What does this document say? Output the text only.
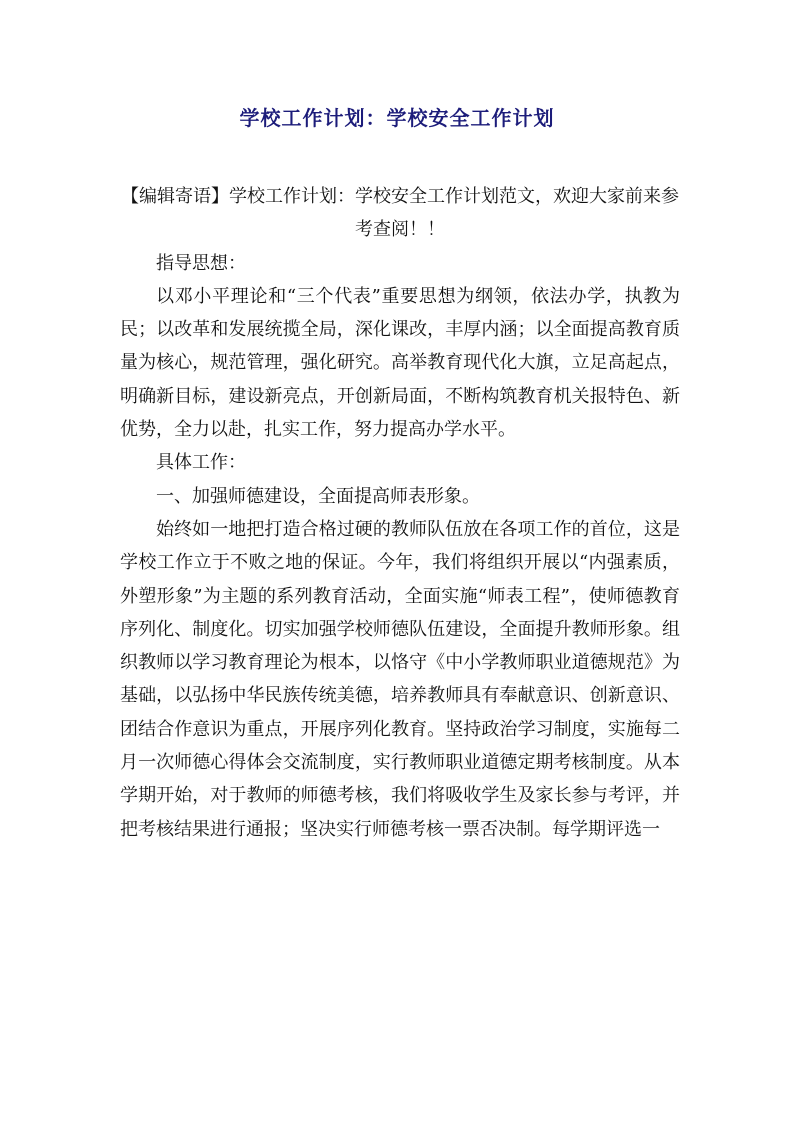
学校工作计划：学校安全工作计划

【编辑寄语】学校工作计划：学校安全工作计划范文，欢迎大家前来参考查阅！！

指导思想：

以邓小平理论和“三个代表”重要思想为纲领，依法办学，执教为民；以改革和发展统揽全局，深化课改，丰厚内涵；以全面提高教育质量为核心，规范管理，强化研究。高举教育现代化大旗，立足高起点，明确新目标，建设新亮点，开创新局面，不断构筑教育机关报特色、新优势，全力以赴，扎实工作，努力提高办学水平。

具体工作：

一、加强师德建设，全面提高师表形象。

始终如一地把打造合格过硬的教师队伍放在各项工作的首位，这是学校工作立于不败之地的保证。今年，我们将组织开展以“内强素质，外塑形象”为主题的系列教育活动，全面实施“师表工程”，使师德教育序列化、制度化。切实加强学校师德队伍建设，全面提升教师形象。组织教师以学习教育理论为根本，以恪守《中小学教师职业道德规范》为基础，以弘扬中华民族传统美德，培养教师具有奉献意识、创新意识、团结合作意识为重点，开展序列化教育。坚持政治学习制度，实施每二月一次师德心得体会交流制度，实行教师职业道德定期考核制度。从本学期开始，对于教师的师德考核，我们将吸收学生及家长参与考评，并把考核结果进行通报；坚决实行师德考核一票否决制。每学期评选一
